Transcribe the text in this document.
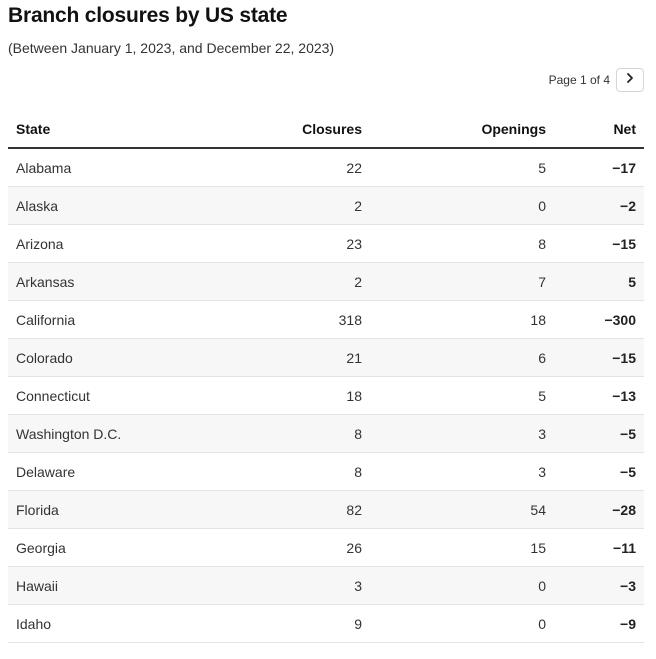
Branch closures by US state
(Between January 1, 2023, and December 22, 2023)
Page 1 of 4
State	Closures	Openings	Net
Alabama	22	5	−17
Alaska	2	0	−2
Arizona	23	8	−15
Arkansas	2	7	5
California	318	18	−300
Colorado	21	6	−15
Connecticut	18	5	−13
Washington D.C.	8	3	−5
Delaware	8	3	−5
Florida	82	54	−28
Georgia	26	15	−11
Hawaii	3	0	−3
Idaho	9	0	−9
